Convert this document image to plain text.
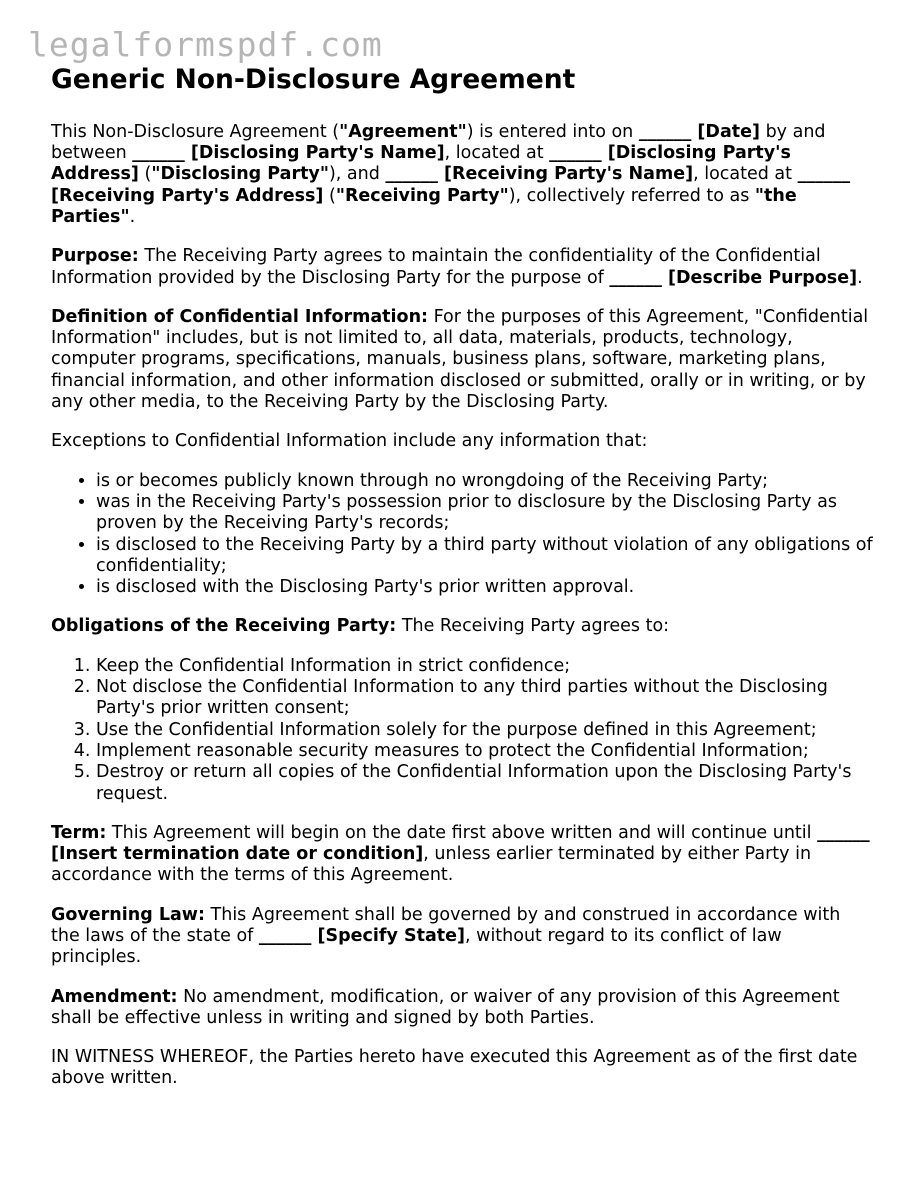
legalformspdf.com
Generic Non-Disclosure Agreement

This Non-Disclosure Agreement ("Agreement") is entered into on ______ [Date] by and between ______ [Disclosing Party's Name], located at ______ [Disclosing Party's Address] ("Disclosing Party"), and ______ [Receiving Party's Name], located at ______ [Receiving Party's Address] ("Receiving Party"), collectively referred to as "the Parties".

Purpose: The Receiving Party agrees to maintain the confidentiality of the Confidential Information provided by the Disclosing Party for the purpose of ______ [Describe Purpose].

Definition of Confidential Information: For the purposes of this Agreement, "Confidential Information" includes, but is not limited to, all data, materials, products, technology, computer programs, specifications, manuals, business plans, software, marketing plans, financial information, and other information disclosed or submitted, orally or in writing, or by any other media, to the Receiving Party by the Disclosing Party.

Exceptions to Confidential Information include any information that:

• is or becomes publicly known through no wrongdoing of the Receiving Party;
• was in the Receiving Party's possession prior to disclosure by the Disclosing Party as proven by the Receiving Party's records;
• is disclosed to the Receiving Party by a third party without violation of any obligations of confidentiality;
• is disclosed with the Disclosing Party's prior written approval.

Obligations of the Receiving Party: The Receiving Party agrees to:

1. Keep the Confidential Information in strict confidence;
2. Not disclose the Confidential Information to any third parties without the Disclosing Party's prior written consent;
3. Use the Confidential Information solely for the purpose defined in this Agreement;
4. Implement reasonable security measures to protect the Confidential Information;
5. Destroy or return all copies of the Confidential Information upon the Disclosing Party's request.

Term: This Agreement will begin on the date first above written and will continue until ______ [Insert termination date or condition], unless earlier terminated by either Party in accordance with the terms of this Agreement.

Governing Law: This Agreement shall be governed by and construed in accordance with the laws of the state of ______ [Specify State], without regard to its conflict of law principles.

Amendment: No amendment, modification, or waiver of any provision of this Agreement shall be effective unless in writing and signed by both Parties.

IN WITNESS WHEREOF, the Parties hereto have executed this Agreement as of the first date above written.
